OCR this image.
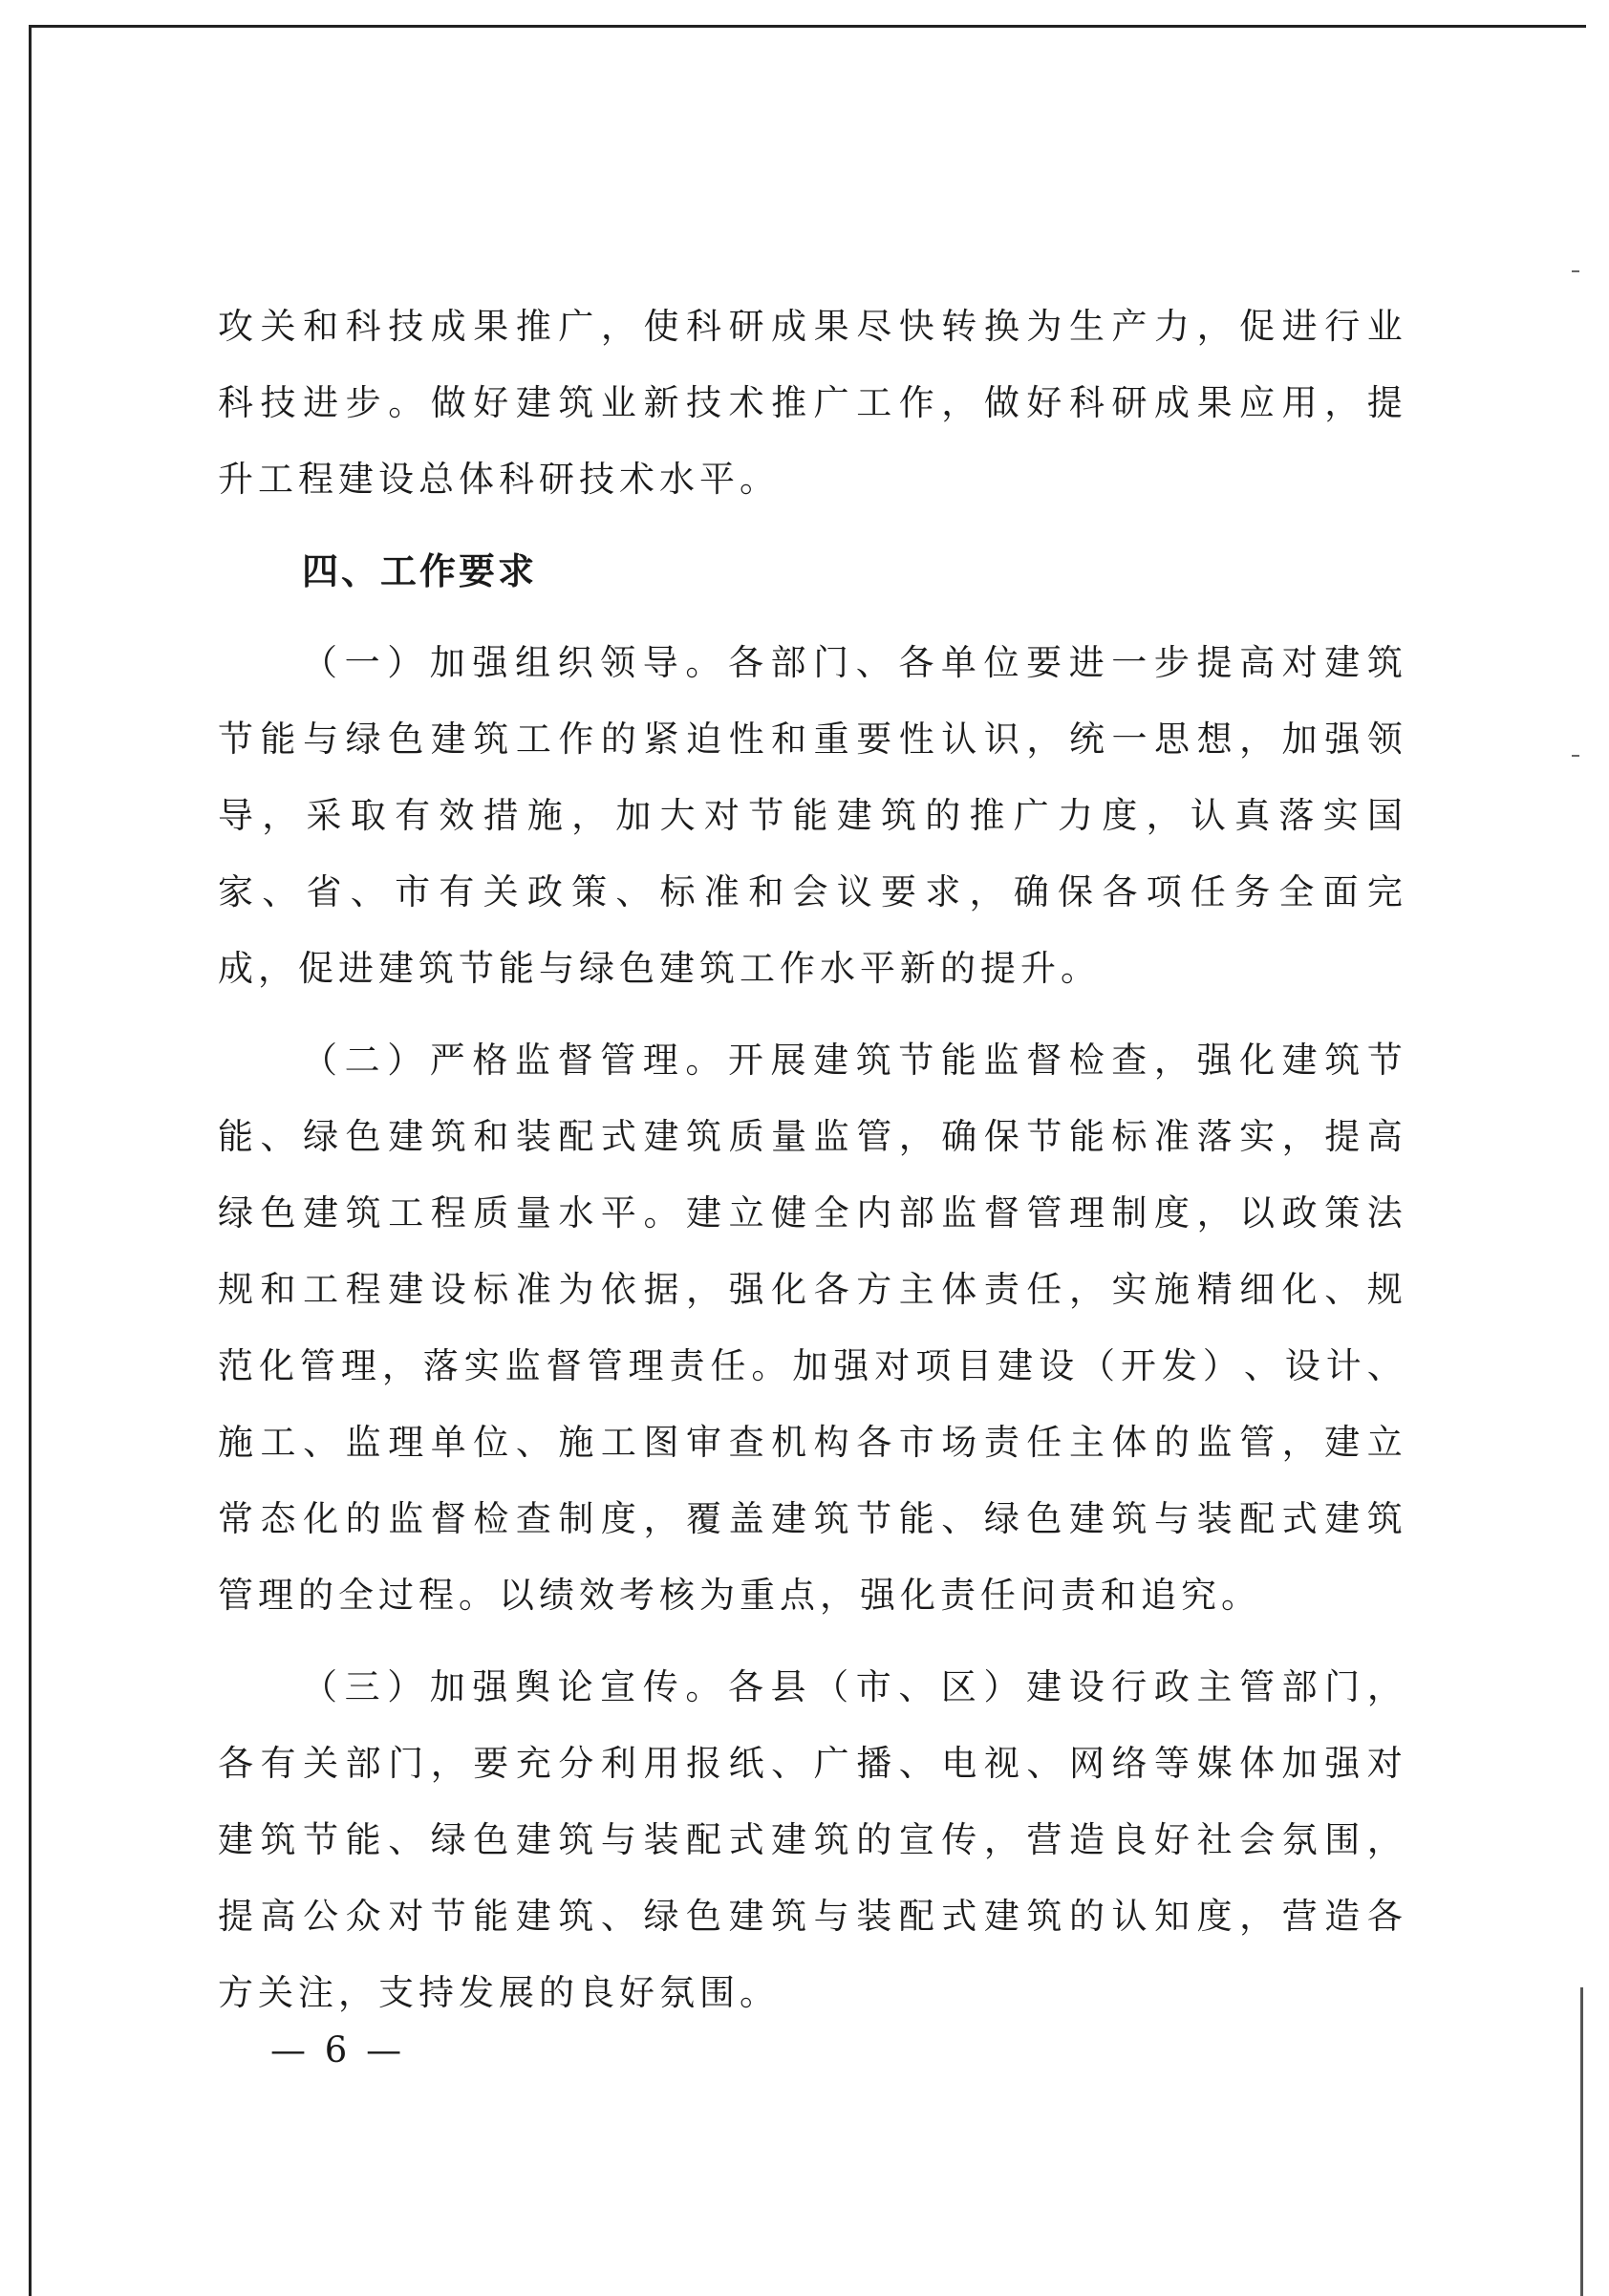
攻 关 和 科 技 成 果 推 广 ， 使 科 研 成 果 尽 快 转 换 为 生 产 力 ， 促 进 行 业
科 技 进 步 。 做 好 建 筑 业 新 技 术 推 广 工 作 ， 做 好 科 研 成 果 应 用 ， 提
升工程建设总体科研技术水平。
四、工作要求
（ 一 ） 加 强 组 织 领 导 。 各 部 门 、 各 单 位 要 进 一 步 提 高 对 建 筑
节 能 与 绿 色 建 筑 工 作 的 紧 迫 性 和 重 要 性 认 识 ， 统 一 思 想 ， 加 强 领
导 ， 采 取 有 效 措 施 ， 加 大 对 节 能 建 筑 的 推 广 力 度 ， 认 真 落 实 国
家 、 省 、 市 有 关 政 策 、 标 准 和 会 议 要 求 ， 确 保 各 项 任 务 全 面 完
成，促进建筑节能与绿色建筑工作水平新的提升。
（ 二 ） 严 格 监 督 管 理 。 开 展 建 筑 节 能 监 督 检 查 ， 强 化 建 筑 节
能 、 绿 色 建 筑 和 装 配 式 建 筑 质 量 监 管 ， 确 保 节 能 标 准 落 实 ， 提 高
绿 色 建 筑 工 程 质 量 水 平 。 建 立 健 全 内 部 监 督 管 理 制 度 ， 以 政 策 法
规 和 工 程 建 设 标 准 为 依 据 ， 强 化 各 方 主 体 责 任 ， 实 施 精 细 化 、 规
范 化 管 理 ， 落 实 监 督 管 理 责 任 。 加 强 对 项 目 建 设 （ 开 发 ） 、 设 计 、
施 工 、 监 理 单 位 、 施 工 图 审 查 机 构 各 市 场 责 任 主 体 的 监 管 ， 建 立
常 态 化 的 监 督 检 查 制 度 ， 覆 盖 建 筑 节 能 、 绿 色 建 筑 与 装 配 式 建 筑
管理的全过程。以绩效考核为重点，强化责任问责和追究。
（ 三 ） 加 强 舆 论 宣 传 。 各 县 （ 市 、 区 ） 建 设 行 政 主 管 部 门 ，
各 有 关 部 门 ， 要 充 分 利 用 报 纸 、 广 播 、 电 视 、 网 络 等 媒 体 加 强 对
建 筑 节 能 、 绿 色 建 筑 与 装 配 式 建 筑 的 宣 传 ， 营 造 良 好 社 会 氛 围 ，
提 高 公 众 对 节 能 建 筑 、 绿 色 建 筑 与 装 配 式 建 筑 的 认 知 度 ， 营 造 各
方关注，支持发展的良好氛围。
— 6 —
